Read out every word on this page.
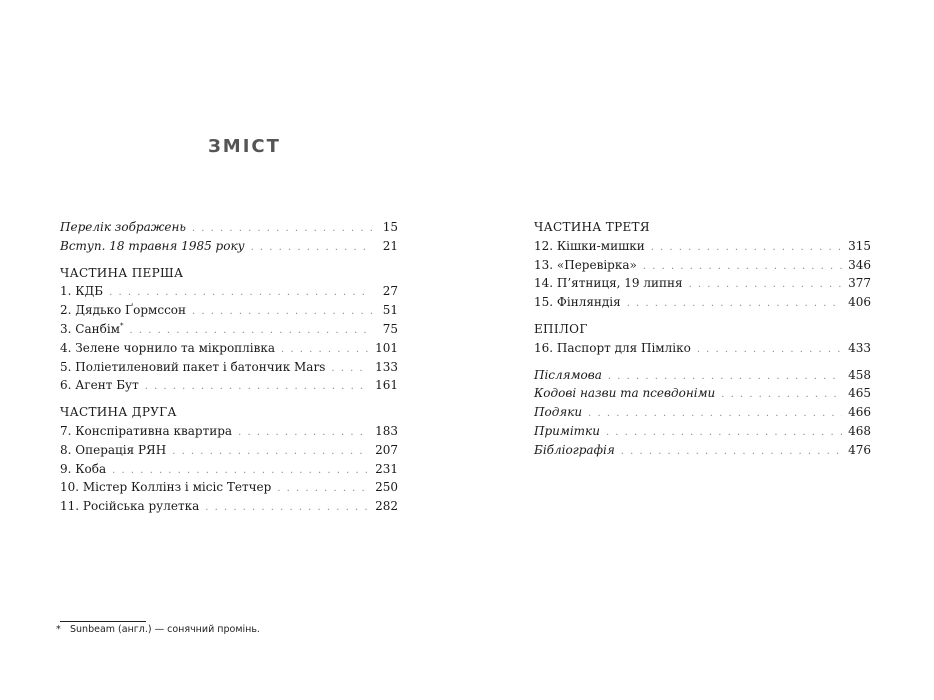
ЗМІСТ
Перелік зображень . . .	15
Вступ. 18 травня 1985 року . . .	21
ЧАСТИНА ПЕРША
1. КДБ . . .	27
2. Дядько Ґормссон . . .	51
3. Санбім* . . .	75
4. Зелене чорнило та мікроплівка . . .	101
5. Поліетиленовий пакет і батончик Mars . . .	133
6. Агент Бут . . .	161
ЧАСТИНА ДРУГА
7. Конспіративна квартира . . .	183
8. Операція РЯН . . .	207
9. Коба . . .	231
10. Містер Коллінз і місіс Тетчер . . .	250
11. Російська рулетка . . .	282
ЧАСТИНА ТРЕТЯ
12. Кішки-мишки . . .	315
13. «Перевірка» . . .	346
14. П’ятниця, 19 липня . . .	377
15. Фінляндія . . .	406
ЕПІЛОГ
16. Паспорт для Пімліко . . .	433
Післямова . . .	458
Кодові назви та псевдоніми . . .	465
Подяки . . .	466
Примітки . . .	468
Бібліографія . . .	476
* Sunbeam (англ.) — сонячний промінь.
